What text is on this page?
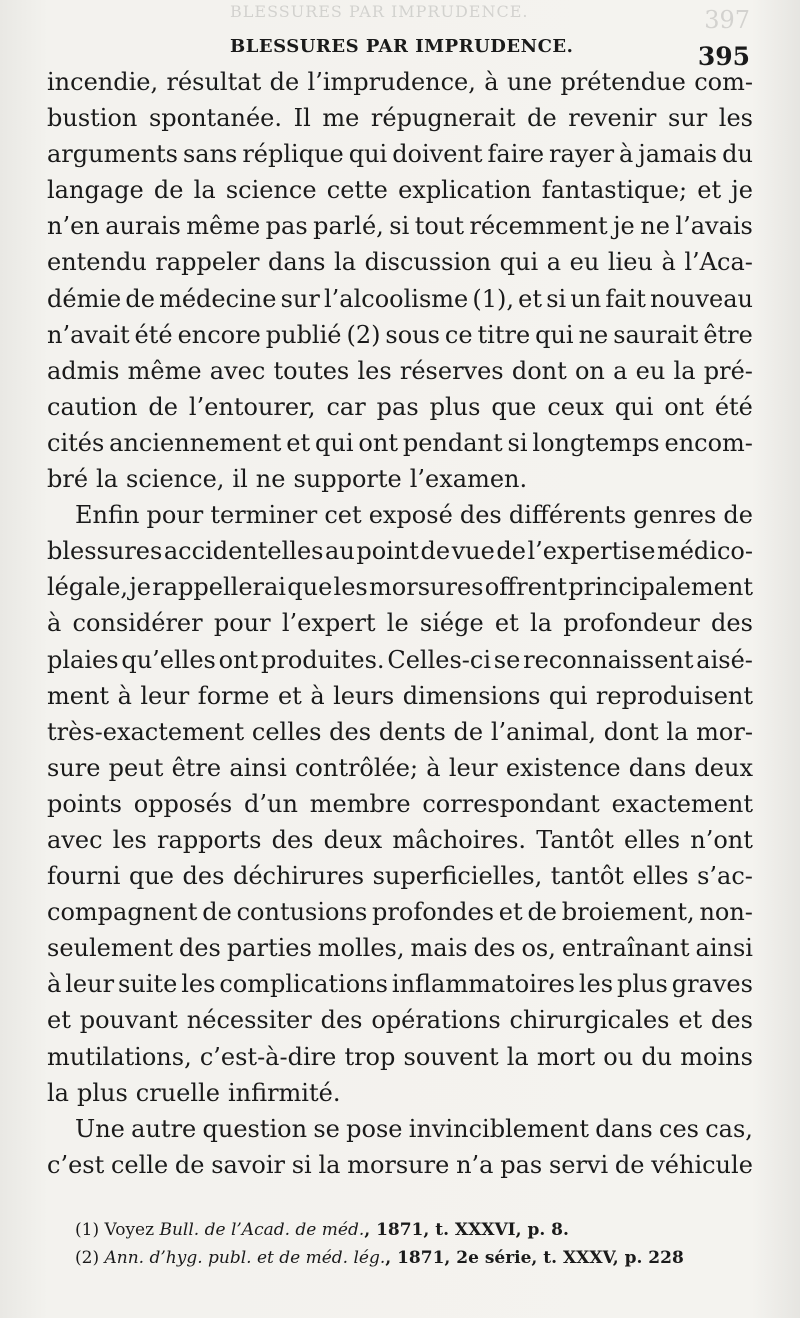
BLESSURES PAR IMPRUDENCE.	397
BLESSURES PAR IMPRUDENCE.	395
incendie, résultat de l’imprudence, à une prétendue com-
bustion spontanée. Il me répugnerait de revenir sur les
arguments sans réplique qui doivent faire rayer à jamais du
langage de la science cette explication fantastique; et je
n’en aurais même pas parlé, si tout récemment je ne l’avais
entendu rappeler dans la discussion qui a eu lieu à l’Aca-
démie de médecine sur l’alcoolisme (1), et si un fait nouveau
n’avait été encore publié (2) sous ce titre qui ne saurait être
admis même avec toutes les réserves dont on a eu la pré-
caution de l’entourer, car pas plus que ceux qui ont été
cités anciennement et qui ont pendant si longtemps encom-
bré la science, il ne supporte l’examen.
Enfin pour terminer cet exposé des différents genres de
blessures accidentelles au point de vue de l’expertise médico-
légale, je rappellerai que les morsures offrent principalement
à considérer pour l’expert le siége et la profondeur des
plaies qu’elles ont produites. Celles-ci se reconnaissent aisé-
ment à leur forme et à leurs dimensions qui reproduisent
très-exactement celles des dents de l’animal, dont la mor-
sure peut être ainsi contrôlée; à leur existence dans deux
points opposés d’un membre correspondant exactement
avec les rapports des deux mâchoires. Tantôt elles n’ont
fourni que des déchirures superficielles, tantôt elles s’ac-
compagnent de contusions profondes et de broiement, non-
seulement des parties molles, mais des os, entraînant ainsi
à leur suite les complications inflammatoires les plus graves
et pouvant nécessiter des opérations chirurgicales et des
mutilations, c’est-à-dire trop souvent la mort ou du moins
la plus cruelle infirmité.
Une autre question se pose invinciblement dans ces cas,
c’est celle de savoir si la morsure n’a pas servi de véhicule
(1) Voyez Bull. de l’Acad. de méd., 1871, t. XXXVI, p. 8.
(2) Ann. d’hyg. publ. et de méd. lég., 1871, 2e série, t. XXXV, p. 228
